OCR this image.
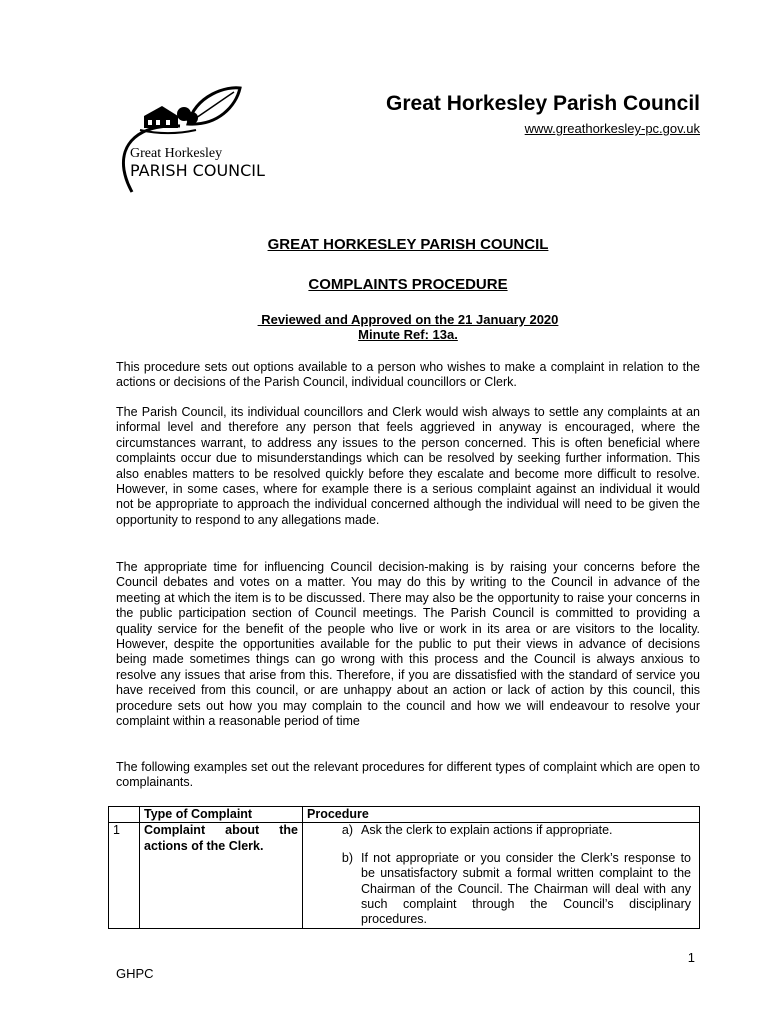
Great Horkesley
PARISH COUNCIL
Great Horkesley Parish Council
www.greathorkesley-pc.gov.uk
GREAT HORKESLEY PARISH COUNCIL
COMPLAINTS PROCEDURE
Reviewed and Approved on the 21 January 2020
Minute Ref: 13a.

This procedure sets out options available to a person who wishes to make a complaint in relation to the actions or decisions of the Parish Council, individual councillors or Clerk.

The Parish Council, its individual councillors and Clerk would wish always to settle any complaints at an informal level and therefore any person that feels aggrieved in anyway is encouraged, where the circumstances warrant, to address any issues to the person concerned. This is often beneficial where complaints occur due to misunderstandings which can be resolved by seeking further information. This also enables matters to be resolved quickly before they escalate and become more difficult to resolve. However, in some cases, where for example there is a serious complaint against an individual it would not be appropriate to approach the individual concerned although the individual will need to be given the opportunity to respond to any allegations made.

The appropriate time for influencing Council decision-making is by raising your concerns before the Council debates and votes on a matter. You may do this by writing to the Council in advance of the meeting at which the item is to be discussed. There may also be the opportunity to raise your concerns in the public participation section of Council meetings. The Parish Council is committed to providing a quality service for the benefit of the people who live or work in its area or are visitors to the locality. However, despite the opportunities available for the public to put their views in advance of decisions being made sometimes things can go wrong with this process and the Council is always anxious to resolve any issues that arise from this. Therefore, if you are dissatisfied with the standard of service you have received from this council, or are unhappy about an action or lack of action by this council, this procedure sets out how you may complain to the council and how we will endeavour to resolve your complaint within a reasonable period of time

The following examples set out the relevant procedures for different types of complaint which are open to complainants.

	Type of Complaint	Procedure
1	Complaint about the actions of the Clerk.	a) Ask the clerk to explain actions if appropriate.
b) If not appropriate or you consider the Clerk’s response to be unsatisfactory submit a formal written complaint to the Chairman of the Council. The Chairman will deal with any such complaint through the Council’s disciplinary procedures.
1
GHPC
